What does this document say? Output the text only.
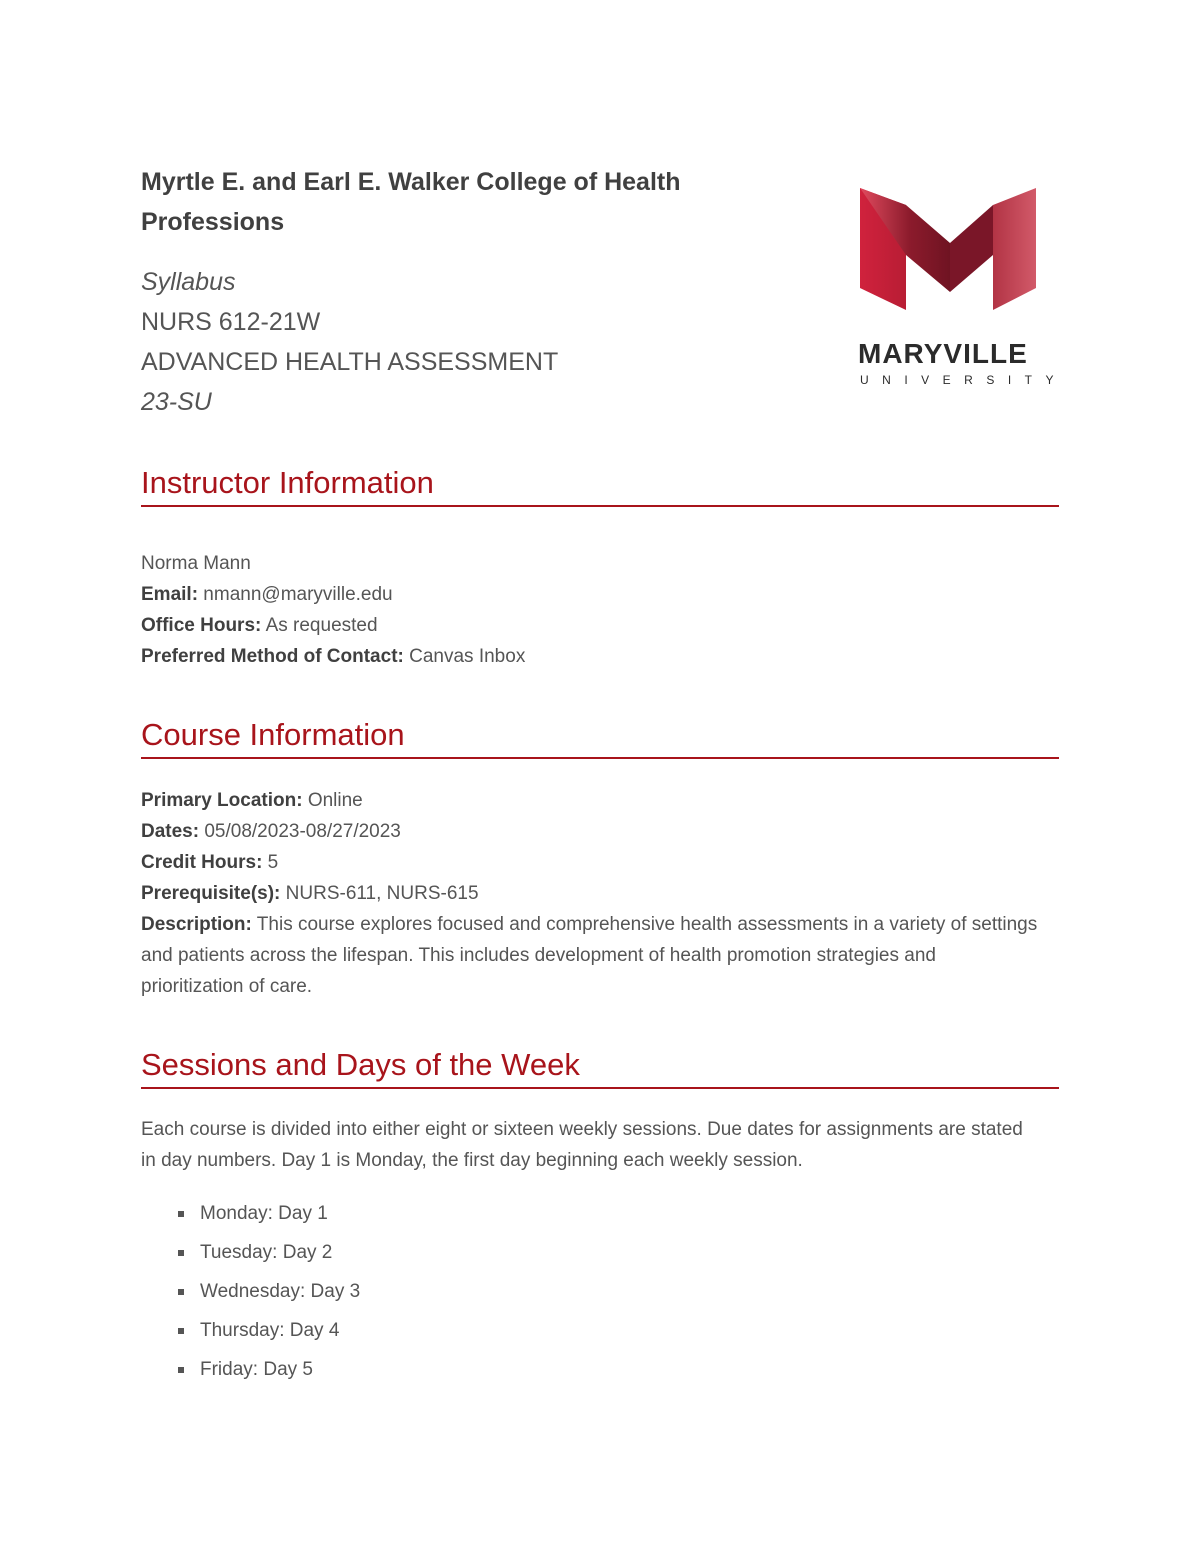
Myrtle E. and Earl E. Walker College of Health Professions
Syllabus
NURS 612-21W
ADVANCED HEALTH ASSESSMENT
23-SU
MARYVILLE
UNIVERSITY
Instructor Information
Norma Mann
Email: nmann@maryville.edu
Office Hours: As requested
Preferred Method of Contact: Canvas Inbox
Course Information
Primary Location: Online
Dates: 05/08/2023-08/27/2023
Credit Hours: 5
Prerequisite(s): NURS-611, NURS-615
Description: This course explores focused and comprehensive health assessments in a variety of settings and patients across the lifespan. This includes development of health promotion strategies and prioritization of care.
Sessions and Days of the Week
Each course is divided into either eight or sixteen weekly sessions. Due dates for assignments are stated in day numbers. Day 1 is Monday, the first day beginning each weekly session.
Monday: Day 1
Tuesday: Day 2
Wednesday: Day 3
Thursday: Day 4
Friday: Day 5
